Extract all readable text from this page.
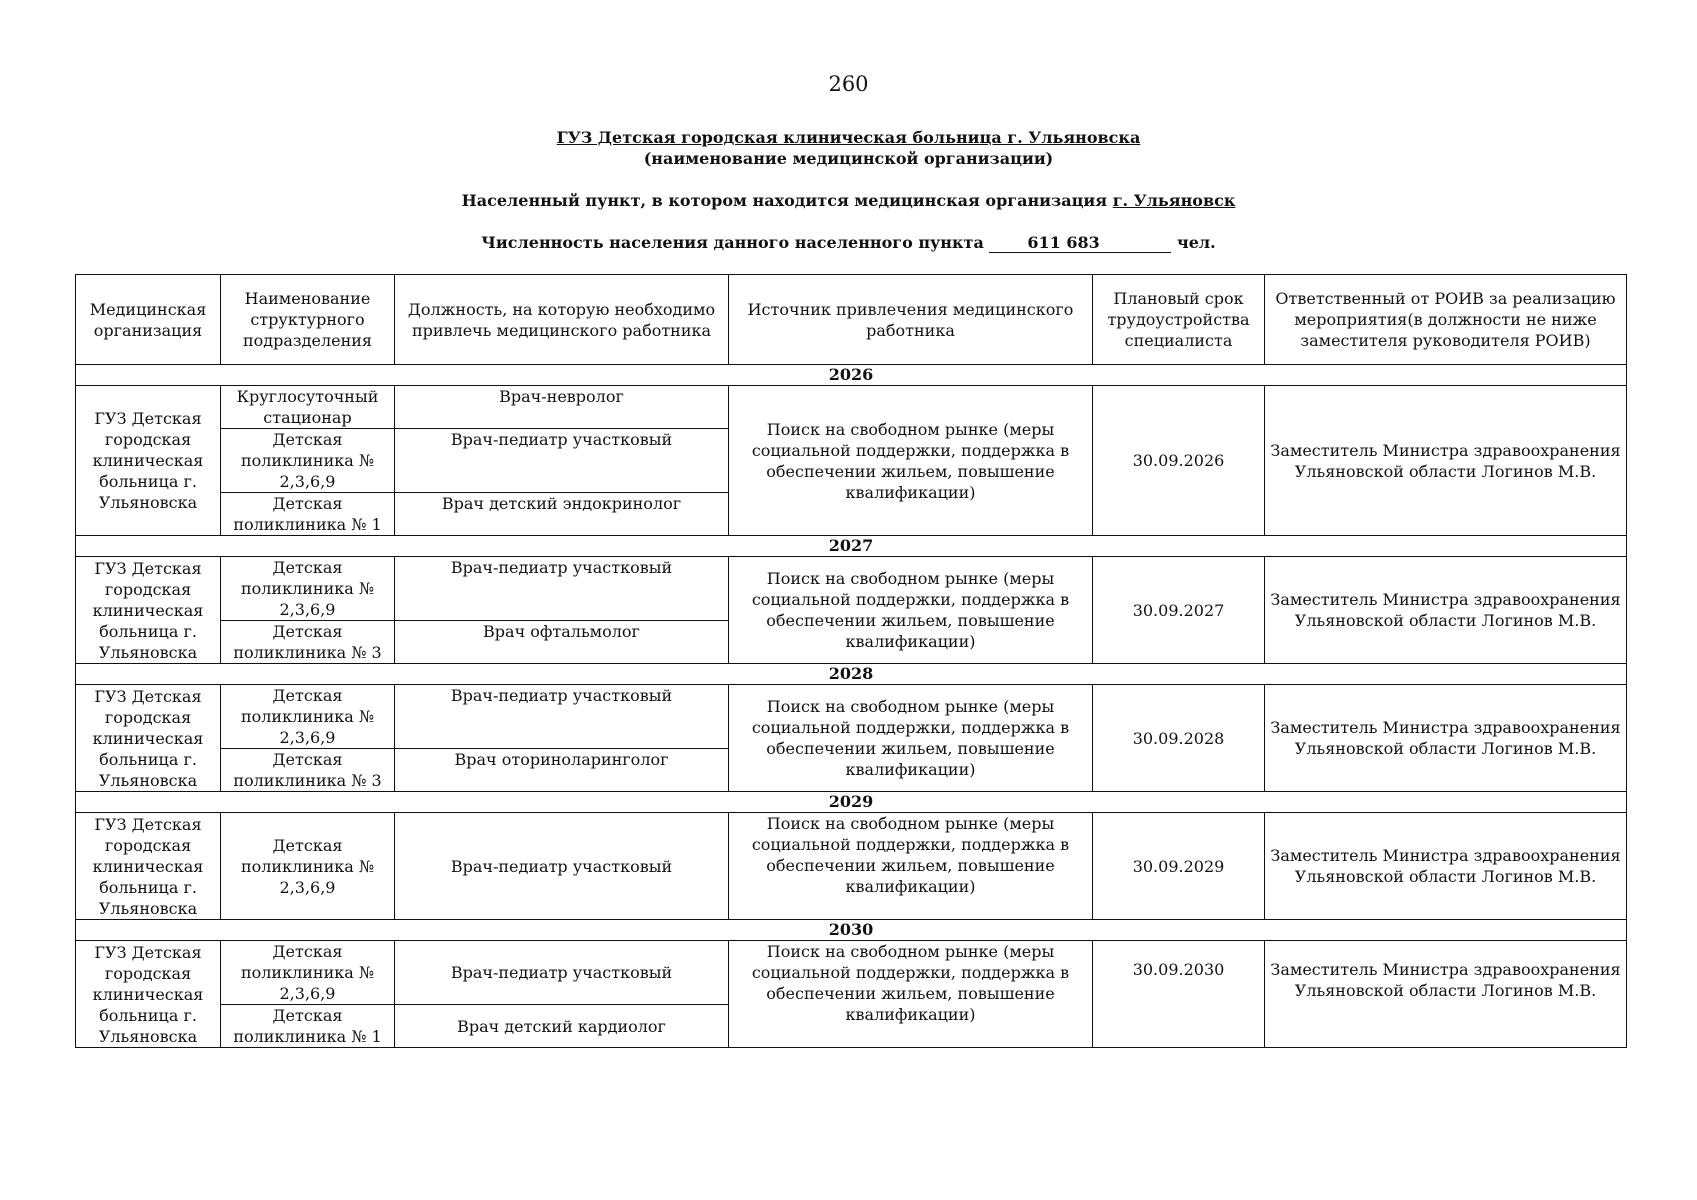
260
ГУЗ Детская городская клиническая больница г. Ульяновска
(наименование медицинской организации)
Населенный пункт, в котором находится медицинская организация г. Ульяновск
Численность населения данного населенного пункта	611 683	чел.
Медицинская организация	Наименование структурного подразделения	Должность, на которую необходимо привлечь медицинского работника	Источник привлечения медицинского работника	Плановый срок трудоустройства специалиста	Ответственный от РОИВ за реализацию мероприятия(в должности не ниже заместителя руководителя РОИВ)
2026					
ГУЗ Детская городская клиническая больница г. Ульяновска	Круглосуточный стационар	Врач-невролог	Поиск на свободном рынке (меры социальной поддержки, поддержка в обеспечении жильем, повышение квалификации)	30.09.2026	Заместитель Министра здравоохранения Ульяновской области Логинов М.В.
	Детская поликлиника № 2,3,6,9	Врач-педиатр участковый			
	Детская поликлиника № 1	Врач детский эндокринолог			
2027					
ГУЗ Детская городская клиническая больница г. Ульяновска	Детская поликлиника № 2,3,6,9	Врач-педиатр участковый	Поиск на свободном рынке (меры социальной поддержки, поддержка в обеспечении жильем, повышение квалификации)	30.09.2027	Заместитель Министра здравоохранения Ульяновской области Логинов М.В.
	Детская поликлиника № 3	Врач офтальмолог			
2028					
ГУЗ Детская городская клиническая больница г. Ульяновска	Детская поликлиника № 2,3,6,9	Врач-педиатр участковый	Поиск на свободном рынке (меры социальной поддержки, поддержка в обеспечении жильем, повышение квалификации)	30.09.2028	Заместитель Министра здравоохранения Ульяновской области Логинов М.В.
	Детская поликлиника № 3	Врач оториноларинголог			
2029					
ГУЗ Детская городская клиническая больница г. Ульяновска	Детская поликлиника № 2,3,6,9	Врач-педиатр участковый	Поиск на свободном рынке (меры социальной поддержки, поддержка в обеспечении жильем, повышение квалификации)	30.09.2029	Заместитель Министра здравоохранения Ульяновской области Логинов М.В.
2030					
ГУЗ Детская городская клиническая больница г. Ульяновска	Детская поликлиника № 2,3,6,9	Врач-педиатр участковый	Поиск на свободном рынке (меры социальной поддержки, поддержка в обеспечении жильем, повышение квалификации)	30.09.2030	Заместитель Министра здравоохранения Ульяновской области Логинов М.В.
	Детская поликлиника № 1	Врач детский кардиолог			
